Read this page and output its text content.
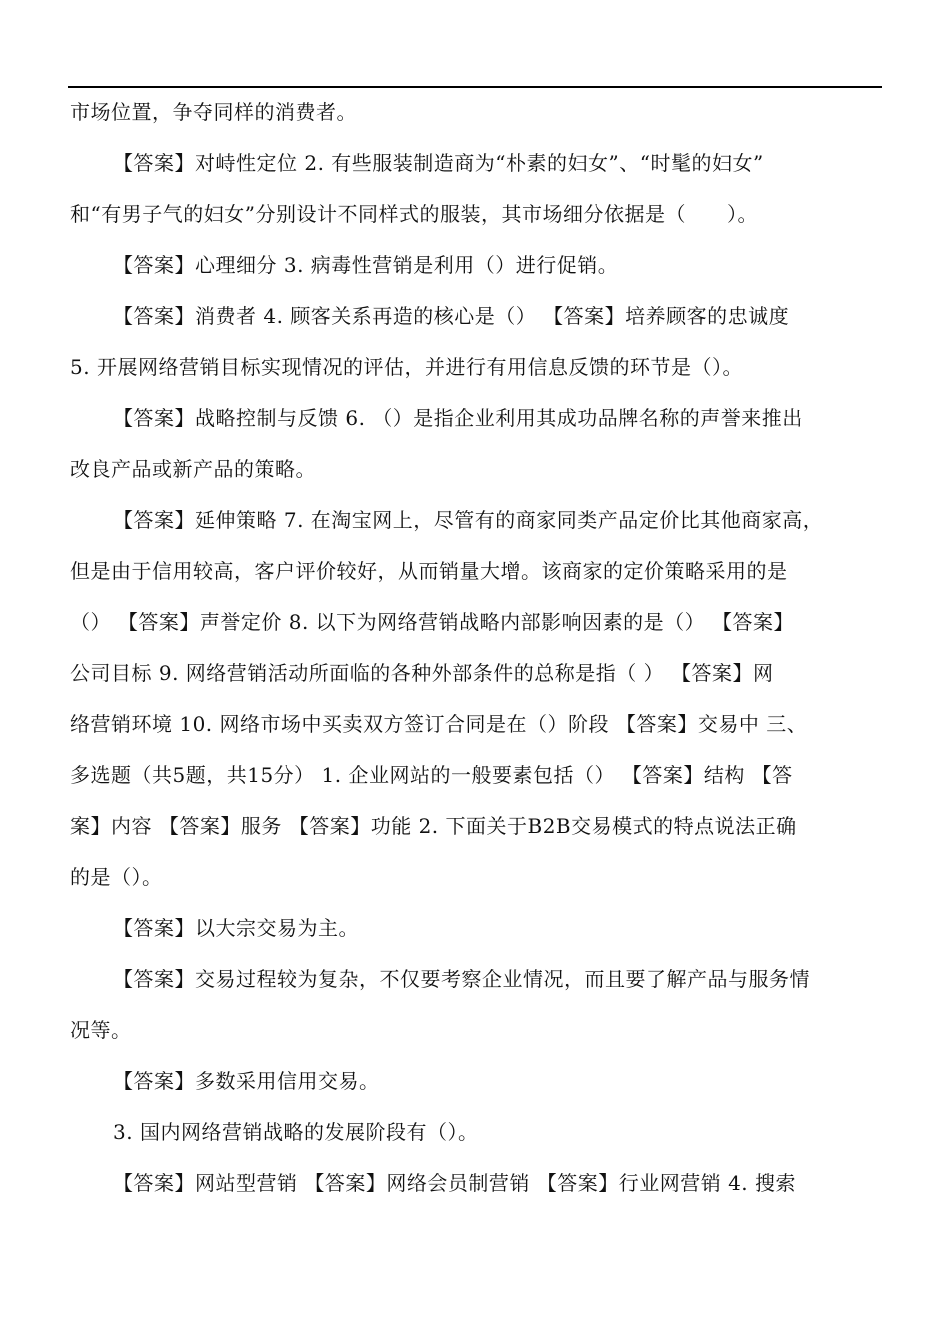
市场位置，争夺同样的消费者。
【答案】对峙性定位 2. 有些服装制造商为“朴素的妇女”、“时髦的妇女”
和“有男子气的妇女”分别设计不同样式的服装，其市场细分依据是（　　）。
【答案】心理细分 3. 病毒性营销是利用（）进行促销。
【答案】消费者 4. 顾客关系再造的核心是（） 【答案】培养顾客的忠诚度
5. 开展网络营销目标实现情况的评估，并进行有用信息反馈的环节是（）。
【答案】战略控制与反馈 6. （）是指企业利用其成功品牌名称的声誉来推出
改良产品或新产品的策略。
【答案】延伸策略 7. 在淘宝网上，尽管有的商家同类产品定价比其他商家高，
但是由于信用较高，客户评价较好，从而销量大增。该商家的定价策略采用的是
（） 【答案】声誉定价 8. 以下为网络营销战略内部影响因素的是（） 【答案】
公司目标 9. 网络营销活动所面临的各种外部条件的总称是指（ ） 【答案】网
络营销环境 10. 网络市场中买卖双方签订合同是在（）阶段 【答案】交易中 三、
多选题（共5题，共15分） 1. 企业网站的一般要素包括（） 【答案】结构 【答
案】内容 【答案】服务 【答案】功能 2. 下面关于B2B交易模式的特点说法正确
的是（）。
【答案】以大宗交易为主。
【答案】交易过程较为复杂，不仅要考察企业情况，而且要了解产品与服务情
况等。
【答案】多数采用信用交易。
3. 国内网络营销战略的发展阶段有（）。
【答案】网站型营销 【答案】网络会员制营销 【答案】行业网营销 4. 搜索
